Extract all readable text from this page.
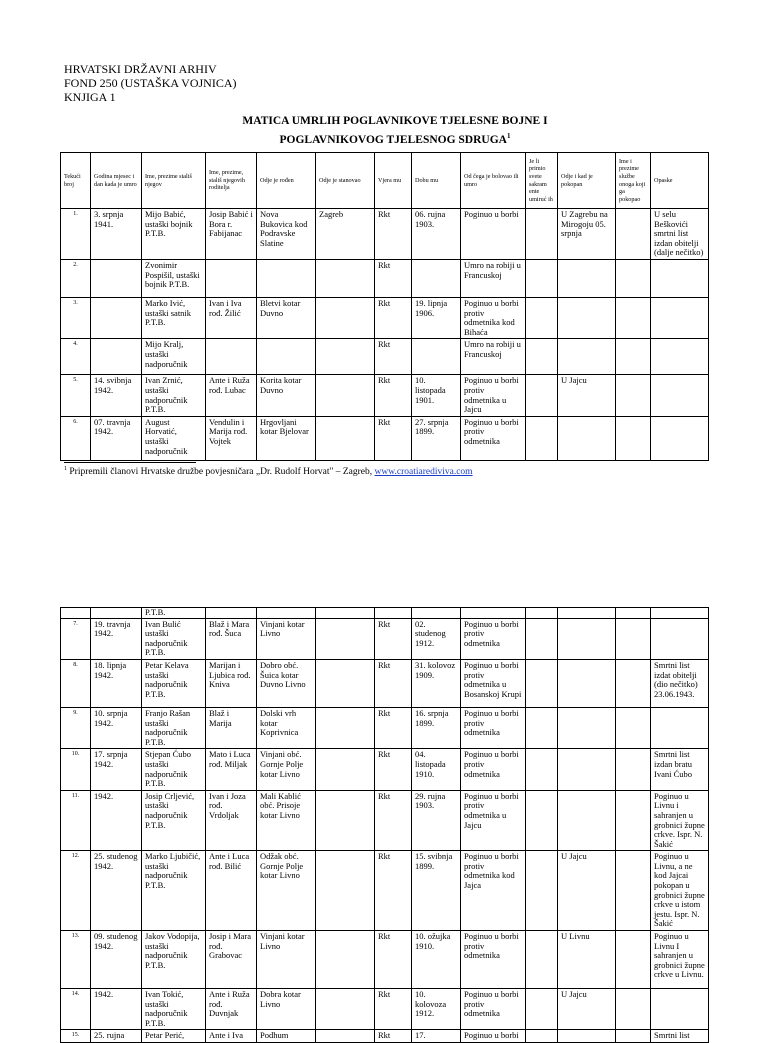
HRVATSKI DRŽAVNI ARHIV
FOND 250 (USTAŠKA VOJNICA)
KNJIGA 1
MATICA UMRLIH POGLAVNIKOVE TJELESNE BOJNE I
POGLAVNIKOVOG TJELESNOG SDRUGA$^1$
Tekući broj	Godina mjesec i dan kada je umro	Ime, prezime stališ njegov	Ime, prezime, stališ njegovih roditelja	Odje je rođen	Odje je stanovao	Vjera mu	Dobu mu	Od čega je bolovao ili umro	Je li primio svete sakram ente umiruć ih	Odje i kad je pokopan	Ime i prezime službe onoga koji ga pokopao	Opaske
1.	3. srpnja 1941.	Mijo Babić, ustaški bojnik P.T.B.	Josip Babić i Bora r. Fabijanac	Nova Bukovica kod Podravske Slatine	Zagreb	Rkt	06. rujna 1903.	Poginuo u borbi		U Zagrebu na Mirogoju 05. srpnja		U selu Beškovići smrtni list izdan obitelji (dalje nečitko)
2.		Zvonimir Pospišil, ustaški bojnik P.T.B.				Rkt		Umro na robiji u Francuskoj				
3.		Marko Ivić, ustaški satnik P.T.B.	Ivan i Iva rođ. Žilić	Bletvi kotar Duvno		Rkt	19. lipnja 1906.	Poginuo u borbi protiv odmetnika kod Bihaća				
4.		Mijo Kralj, ustaški nadporučnik				Rkt		Umro na robiji u Francuskoj				
5.	14. svibnja 1942.	Ivan Zrnić, ustaški nadporučnik P.T.B.	Ante i Ruža rođ. Lubac	Korita kotar Duvno		Rkt	10. listopada 1901.	Poginuo u borbi protiv odmetnika u Jajcu		U Jajcu		
6.	07. travnja 1942.	August Horvatić, ustaški nadporučnik	Vendulin i Marija rođ. Vojtek	Hrgovljani kotar Bjelovar		Rkt	27. srpnja 1899.	Poginuo u borbi protiv odmetnika				
$^1$ Pripremili članovi Hrvatske družbe povjesničara „Dr. Rudolf Horvat" – Zagreb, www.croatiarediviva.com
		P.T.B.										
7.	19. travnja 1942.	Ivan Bulić ustaški nadporučnik P.T.B.	Blaž i Mara rođ. Šuca	Vinjani kotar Livno		Rkt	02. studenog 1912.	Poginuo u borbi protiv odmetnika				
8.	18. lipnja 1942.	Petar Kelava ustaški nadporučnik P.T.B.	Marijan i Ljubica rođ. Kniva	Dobro obć. Šuica kotar Duvno Livno		Rkt	31. kolovoz 1909.	Poginuo u borbi protiv odmetnika u Bosanskoj Krupi				Smrtni list izdat obitelji (dio nečitko) 23.06.1943.
9.	10. srpnja 1942.	Franjo Rašan ustaški nadporučnik P.T.B.	Blaž i Marija	Dolski vrh kotar Koprivnica		Rkt	16. srpnja 1899.	Poginuo u borbi protiv odmetnika				
10.	17. srpnja 1942.	Stjepan Ćubo ustaški nadporučnik P.T.B.	Mato i Luca rođ. Miljak	Vinjani obć. Gornje Polje kotar Livno		Rkt	04. listopada 1910.	Poginuo u borbi protiv odmetnika				Smrtni list izdan bratu Ivani Ćubo
11.	1942.	Josip Crljević, ustaški nadporučnik P.T.B.	Ivan i Joza rođ. Vrdoljak	Mali Kablić obć. Prisoje kotar Livno		Rkt	29. rujna 1903.	Poginuo u borbi protiv odmetnika u Jajcu				Poginuo u Livnu i sahranjen u grobnici župne crkve. Ispr. N. Šakić
12.	25. studenog 1942.	Marko Ljubičić, ustaški nadporučnik P.T.B.	Ante i Luca rođ. Bilić	Odžak obć. Gornje Polje kotar Livno		Rkt	15. svibnja 1899.	Poginuo u borbi protiv odmetnika kod Jajca		U Jajcu		Poginuo u Livnu, a ne kod Jajcai pokopan u grobnici župne crkve u istom jestu. Ispr. N. Šakić
13.	09. studenog 1942.	Jakov Vodopija, ustaški nadporučnik P.T.B.	Josip i Mara rođ. Grabovac	Vinjani kotar Livno		Rkt	10. ožujka 1910.	Poginuo u borbi protiv odmetnika		U Livnu		Poginuo u Livnu I sahranjen u grobnici župne crkve u Livnu.
14.	1942.	Ivan Tokić, ustaški nadporučnik P.T.B.	Ante i Ruža rođ. Duvnjak	Dobra kotar Livno		Rkt	10. kolovoza 1912.	Poginuo u borbi protiv odmetnika		U Jajcu		
15.	25. rujna	Petar Perić,	Ante i Iva	Podhum		Rkt	17.	Poginuo u borbi				Smrtni list
